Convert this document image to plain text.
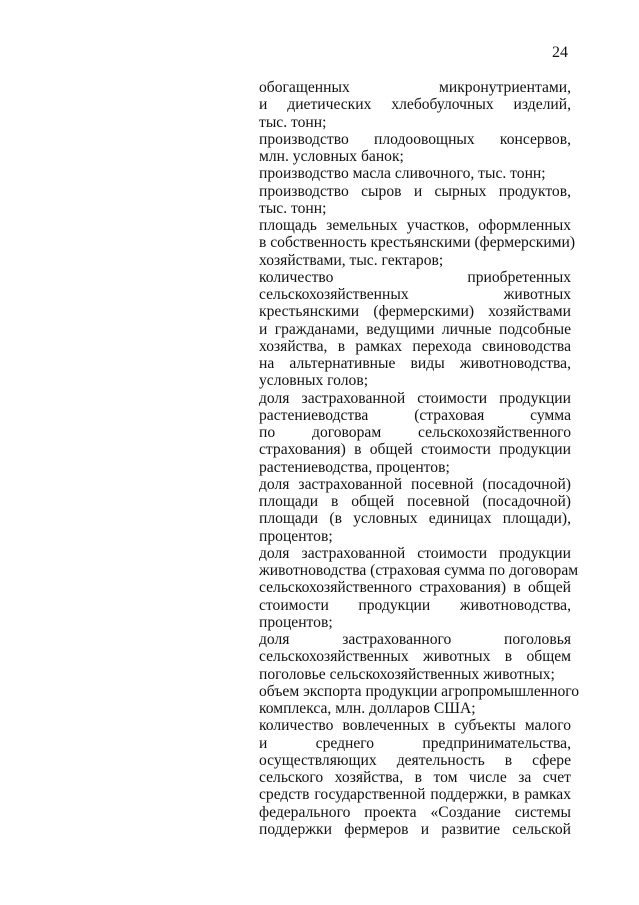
24

обогащенных микронутриентами,
и диетических хлебобулочных изделий,
тыс. тонн;

производство плодоовощных консервов,
млн. условных банок;

производство масла сливочного, тыс. тонн;

производство сыров и сырных продуктов,
тыс. тонн;

площадь земельных участков, оформленных
в собственность крестьянскими (фермерскими)
хозяйствами, тыс. гектаров;

количество приобретенных
сельскохозяйственных животных
крестьянскими (фермерскими) хозяйствами
и гражданами, ведущими личные подсобные
хозяйства, в рамках перехода свиноводства
на альтернативные виды животноводства,
условных голов;

доля застрахованной стоимости продукции
растениеводства (страховая сумма
по договорам сельскохозяйственного
страхования) в общей стоимости продукции
растениеводства, процентов;

доля застрахованной посевной (посадочной)
площади в общей посевной (посадочной)
площади (в условных единицах площади),
процентов;

доля застрахованной стоимости продукции
животноводства (страховая сумма по договорам
сельскохозяйственного страхования) в общей
стоимости продукции животноводства,
процентов;

доля застрахованного поголовья
сельскохозяйственных животных в общем
поголовье сельскохозяйственных животных;

объем экспорта продукции агропромышленного
комплекса, млн. долларов США;

количество вовлеченных в субъекты малого
и среднего предпринимательства,
осуществляющих деятельность в сфере
сельского хозяйства, в том числе за счет
средств государственной поддержки, в рамках
федерального проекта «Создание системы
поддержки фермеров и развитие сельской
